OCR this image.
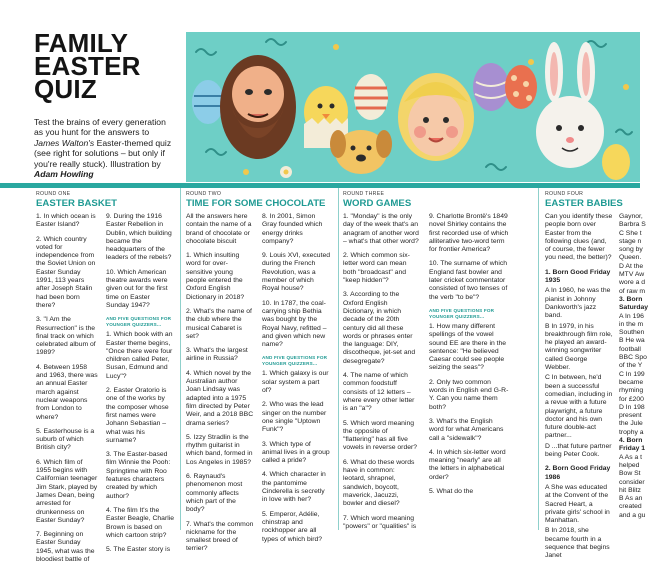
FAMILY
EASTER
QUIZ
Test the brains of every generation as you hunt for the answers to James Walton's Easter-themed quiz (see right for solutions – but only if you're really stuck). Illustration by Adam Howling
ROUND ONE
EASTER BASKET

1. In which ocean is Easter Island?

2. Which country voted for independence from the Soviet Union on Easter Sunday 1991, 113 years after Joseph Stalin had been born there?

3. "I Am the Resurrection" is the final track on which celebrated album of 1989?

4. Between 1958 and 1963, there was an annual Easter march against nuclear weapons from London to where?

5. Easterhouse is a suburb of which British city?

6. Which film of 1955 begins with Californian teenager Jim Stark, played by James Dean, being arrested for drunkenness on Easter Sunday?

7. Beginning on Easter Sunday 1945, what was the bloodiest battle of

9. During the 1916 Easter Rebellion in Dublin, which building became the headquarters of the leaders of the rebels?

10. Which American theatre awards were given out for the first time on Easter Sunday 1947?

AND FIVE QUESTIONS FOR YOUNGER QUIZZERS...

1. Which book with an Easter theme begins, "Once there were four children called Peter, Susan, Edmund and Lucy"?

2. Easter Oratorio is one of the works by the composer whose first names were Johann Sebastian – what was his surname?

3. The Easter-based film Winnie the Pooh: Springtime with Roo features characters created by which author?

4. The film It's the Easter Beagle, Charlie Brown is based on which cartoon strip?

5. The Easter story is

ROUND TWO
TIME FOR SOME CHOCOLATE

All the answers here contain the name of a brand of chocolate or chocolate biscuit

1. Which insulting word for over-sensitive young people entered the Oxford English Dictionary in 2018?

2. What's the name of the club where the musical Cabaret is set?

3. What's the largest airline in Russia?

4. Which novel by the Australian author Joan Lindsay was adapted into a 1975 film directed by Peter Weir, and a 2018 BBC drama series?

5. Izzy Stradlin is the rhythm guitarist in which band, formed in Los Angeles in 1985?

6. Raynaud's phenomenon most commonly affects which part of the body?

7. What's the common nickname for the smallest breed of terrier?

8. In 2001, Simon Gray founded which energy drinks company?

9. Louis XVI, executed during the French Revolution, was a member of which Royal house?

10. In 1787, the coal-carrying ship Bethia was bought by the Royal Navy, refitted – and given which new name?

AND FIVE QUESTIONS FOR YOUNGER QUIZZERS...

1. Which galaxy is our solar system a part of?

2. Who was the lead singer on the number one single "Uptown Funk"?

3. Which type of animal lives in a group called a pride?

4. Which character in the pantomime Cinderella is secretly in love with her?

5. Emperor, Adélie, chinstrap and rockhopper are all types of which bird?

ROUND THREE
WORD GAMES

1. "Monday" is the only day of the week that's an anagram of another word – what's that other word?

2. Which common six-letter word can mean both "broadcast" and "keep hidden"?

3. According to the Oxford English Dictionary, in which decade of the 20th century did all these words or phrases enter the language: DIY, discotheque, jet-set and desegregate?

4. The name of which common foodstuff consists of 12 letters – where every other letter is an "a"?

5. Which word meaning the opposite of "flattering" has all five vowels in reverse order?

6. What do these words have in common: leotard, shrapnel, sandwich, boycott, maverick, Jacuzzi, bowler and diesel?

7. Which word meaning "powers" or "qualities" is

9. Charlotte Brontë's 1849 novel Shirley contains the first recorded use of which alliterative two-word term for frontier America?

10. The surname of which England fast bowler and later cricket commentator consisted of two tenses of the verb "to be"?

AND FIVE QUESTIONS FOR YOUNGER QUIZZERS...

1. How many different spellings of the vowel sound EE are there in the sentence: "He believed Caesar could see people seizing the seas"?

2. Only two common words in English end G-R-Y. Can you name them both?

3. What's the English word for what Americans call a "sidewalk"?

4. In which six-letter word meaning "nearly" are all the letters in alphabetical order?

5. What do the

ROUND FOUR
EASTER BABIES

Can you identify these people born over Easter from the following clues (and, of course, the fewer you need, the better)?

1. Born Good Friday 1935

A In 1960, he was the pianist in Johnny Dankworth's jazz band.

B In 1979, in his breakthrough film role, he played an award-winning songwriter called George Webber.

C In between, he'd been a successful comedian, including in a revue with a future playwright, a future doctor and his own future double-act partner...

D ...that future partner being Peter Cook.

2. Born Good Friday 1986

A She was educated at the Convent of the Sacred Heart, a private girls' school in Manhattan.

B In 2018, she became fourth in a sequence that begins Janet

Gaynor,
Barbra S
C She t
stage n
song by
Queen.
D At the
MTV Aw
wore a d
of raw m
3. Born
Saturday
A In 196
in the m
Southen
B He wa
football
BBC Spo
of the Y
C In 199
became
rhyming
for £200
D In 198
present
the Jule
trophy a
4. Born
Friday 1
A As a t
helped
Bow St
consider
hit Blitz
B As an
created
and a gu
